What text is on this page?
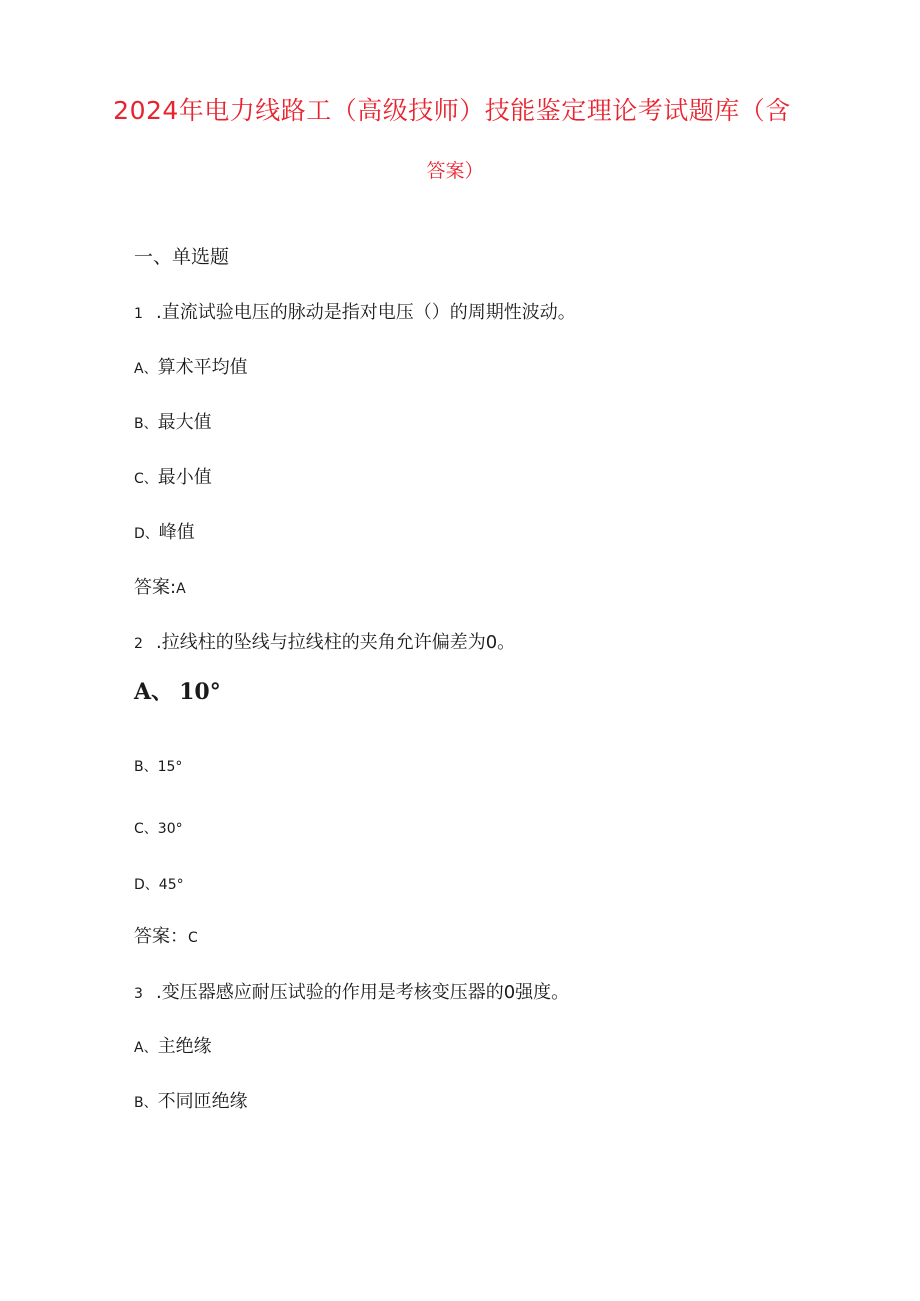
2024年电力线路工（高级技师）技能鉴定理论考试题库（含
答案）
一、单选题
1 .直流试验电压的脉动是指对电压（）的周期性波动。
A、算术平均值
B、最大值
C、最小值
D、峰值
答案:A
2 .拉线柱的坠线与拉线柱的夹角允许偏差为0。
A、 10°
B、15°
C、30°
D、45°
答案：C
3 .变压器感应耐压试验的作用是考核变压器的0强度。
A、主绝缘
B、不同匝绝缘
